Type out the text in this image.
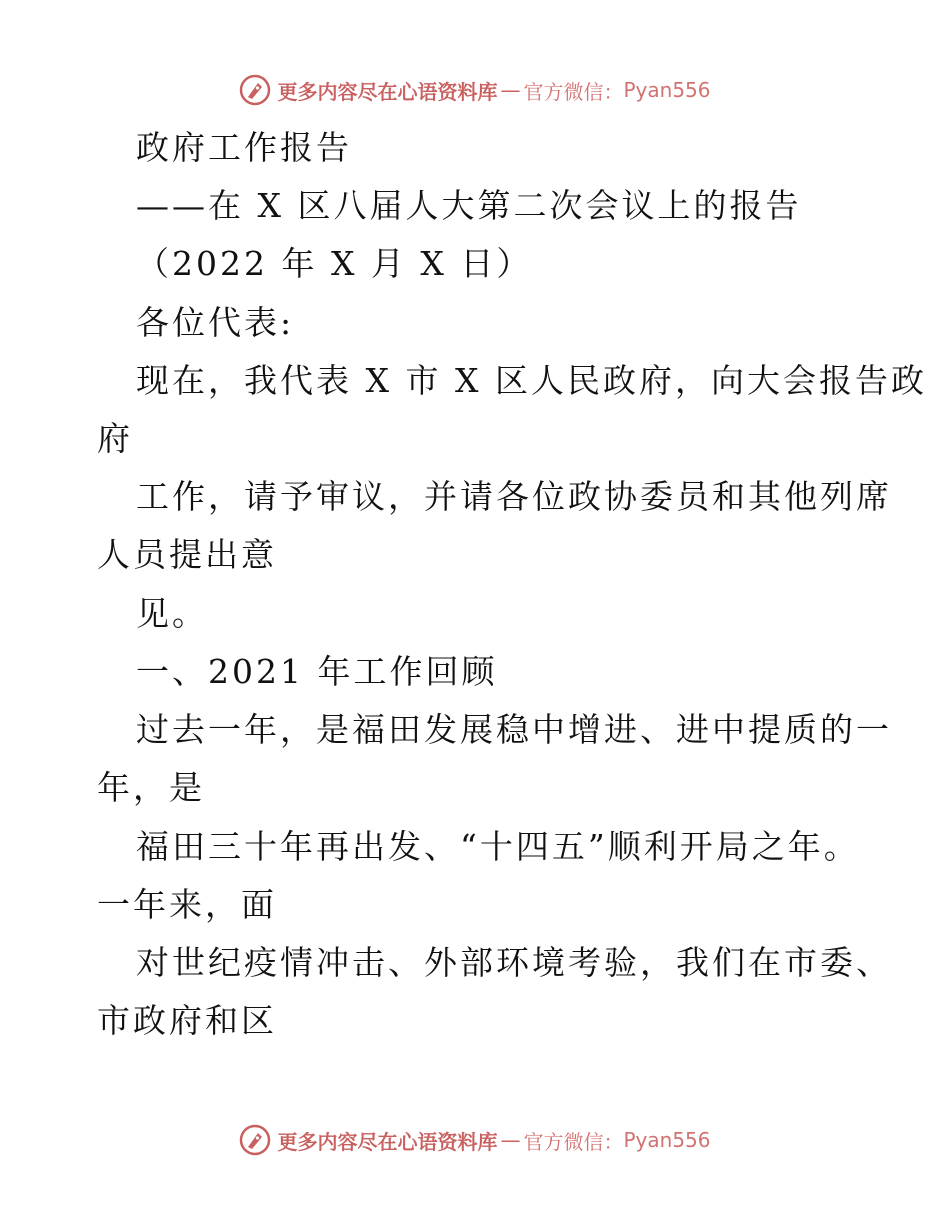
更多内容尽在心语资料库 — 官方微信： Pyan556
政府工作报告
——在 X 区八届人大第二次会议上的报告
（2022 年 X 月 X 日）
各位代表:
现在，我代表 X 市 X 区人民政府，向大会报告政
府
工作，请予审议，并请各位政协委员和其他列席
人员提出意
见。
一、2021 年工作回顾
过去一年，是福田发展稳中增进、进中提质的一
年，是
福田三十年再出发、“十四五”顺利开局之年。
一年来，面
对世纪疫情冲击、外部环境考验，我们在市委、
市政府和区
更多内容尽在心语资料库 — 官方微信： Pyan556
